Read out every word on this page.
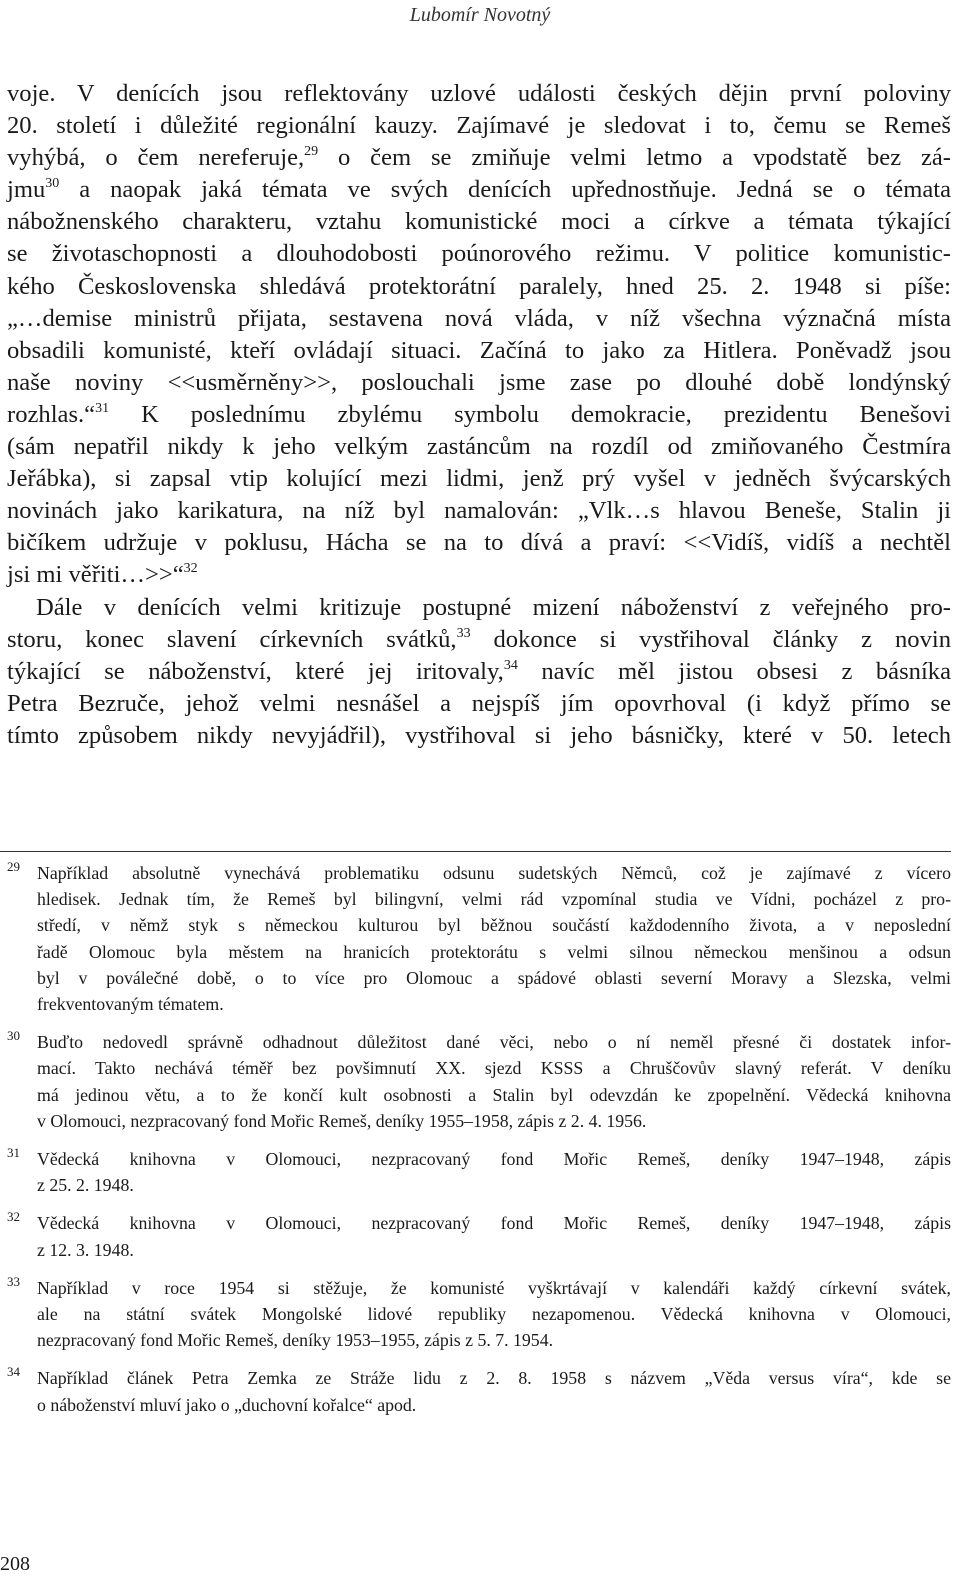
Lubomír Novotný
voje. V denících jsou reflektovány uzlové události českých dějin první poloviny
20. století i důležité regionální kauzy. Zajímavé je sledovat i to, čemu se Remeš
vyhýbá, o čem nereferuje,$^{29}$ o čem se zmiňuje velmi letmo a vpodstatě bez zá-
jmu$^{30}$ a naopak jaká témata ve svých denících upřednostňuje. Jedná se o témata
nábožnenského charakteru, vztahu komunistické moci a církve a témata týkající
se životaschopnosti a dlouhodobosti poúnorového režimu. V politice komunistic-
kého Československa shledává protektorátní paralely, hned 25. 2. 1948 si píše:
„…demise ministrů přijata, sestavena nová vláda, v níž všechna význačná místa
obsadili komunisté, kteří ovládají situaci. Začíná to jako za Hitlera. Poněvadž jsou
naše noviny <<usměrněny>>, poslouchali jsme zase po dlouhé době londýnský
rozhlas.“$^{31}$ K poslednímu zbylému symbolu demokracie, prezidentu Benešovi
(sám nepatřil nikdy k jeho velkým zastáncům na rozdíl od zmiňovaného Čestmíra
Jeřábka), si zapsal vtip kolující mezi lidmi, jenž prý vyšel v jedněch švýcarských
novinách jako karikatura, na níž byl namalován: „Vlk…s hlavou Beneše, Stalin ji
bičíkem udržuje v poklusu, Hácha se na to dívá a praví: <<Vidíš, vidíš a nechtěl
jsi mi věřiti…>>“$^{32}$
Dále v denících velmi kritizuje postupné mizení náboženství z veřejného pro-
storu, konec slavení církevních svátků,$^{33}$ dokonce si vystřihoval články z novin
týkající se náboženství, které jej iritovaly,$^{34}$ navíc měl jistou obsesi z básníka
Petra Bezruče, jehož velmi nesnášel a nejspíš jím opovrhoval (i když přímo se
tímto způsobem nikdy nevyjádřil), vystřihoval si jeho básničky, které v 50. letech
29 Například absolutně vynechává problematiku odsunu sudetských Němců, což je zajímavé z vícero
hledisek. Jednak tím, že Remeš byl bilingvní, velmi rád vzpomínal studia ve Vídni, pocházel z pro-
středí, v němž styk s německou kulturou byl běžnou součástí každodenního života, a v neposlední
řadě Olomouc byla městem na hranicích protektorátu s velmi silnou německou menšinou a odsun
byl v poválečné době, o to více pro Olomouc a spádové oblasti severní Moravy a Slezska, velmi
frekventovaným tématem.
30 Buďto nedovedl správně odhadnout důležitost dané věci, nebo o ní neměl přesné či dostatek infor-
mací. Takto nechává téměř bez povšimnutí XX. sjezd KSSS a Chruščovův slavný referát. V deníku
má jedinou větu, a to že končí kult osobnosti a Stalin byl odevzdán ke zpopelnění. Vědecká knihovna
v Olomouci, nezpracovaný fond Mořic Remeš, deníky 1955–1958, zápis z 2. 4. 1956.
31 Vědecká knihovna v Olomouci, nezpracovaný fond Mořic Remeš, deníky 1947–1948, zápis
z 25. 2. 1948.
32 Vědecká knihovna v Olomouci, nezpracovaný fond Mořic Remeš, deníky 1947–1948, zápis
z 12. 3. 1948.
33 Například v roce 1954 si stěžuje, že komunisté vyškrtávají v kalendáři každý církevní svátek,
ale na státní svátek Mongolské lidové republiky nezapomenou. Vědecká knihovna v Olomouci,
nezpracovaný fond Mořic Remeš, deníky 1953–1955, zápis z 5. 7. 1954.
34 Například článek Petra Zemka ze Stráže lidu z 2. 8. 1958 s názvem „Věda versus víra“, kde se
o náboženství mluví jako o „duchovní kořalce“ apod.
208
